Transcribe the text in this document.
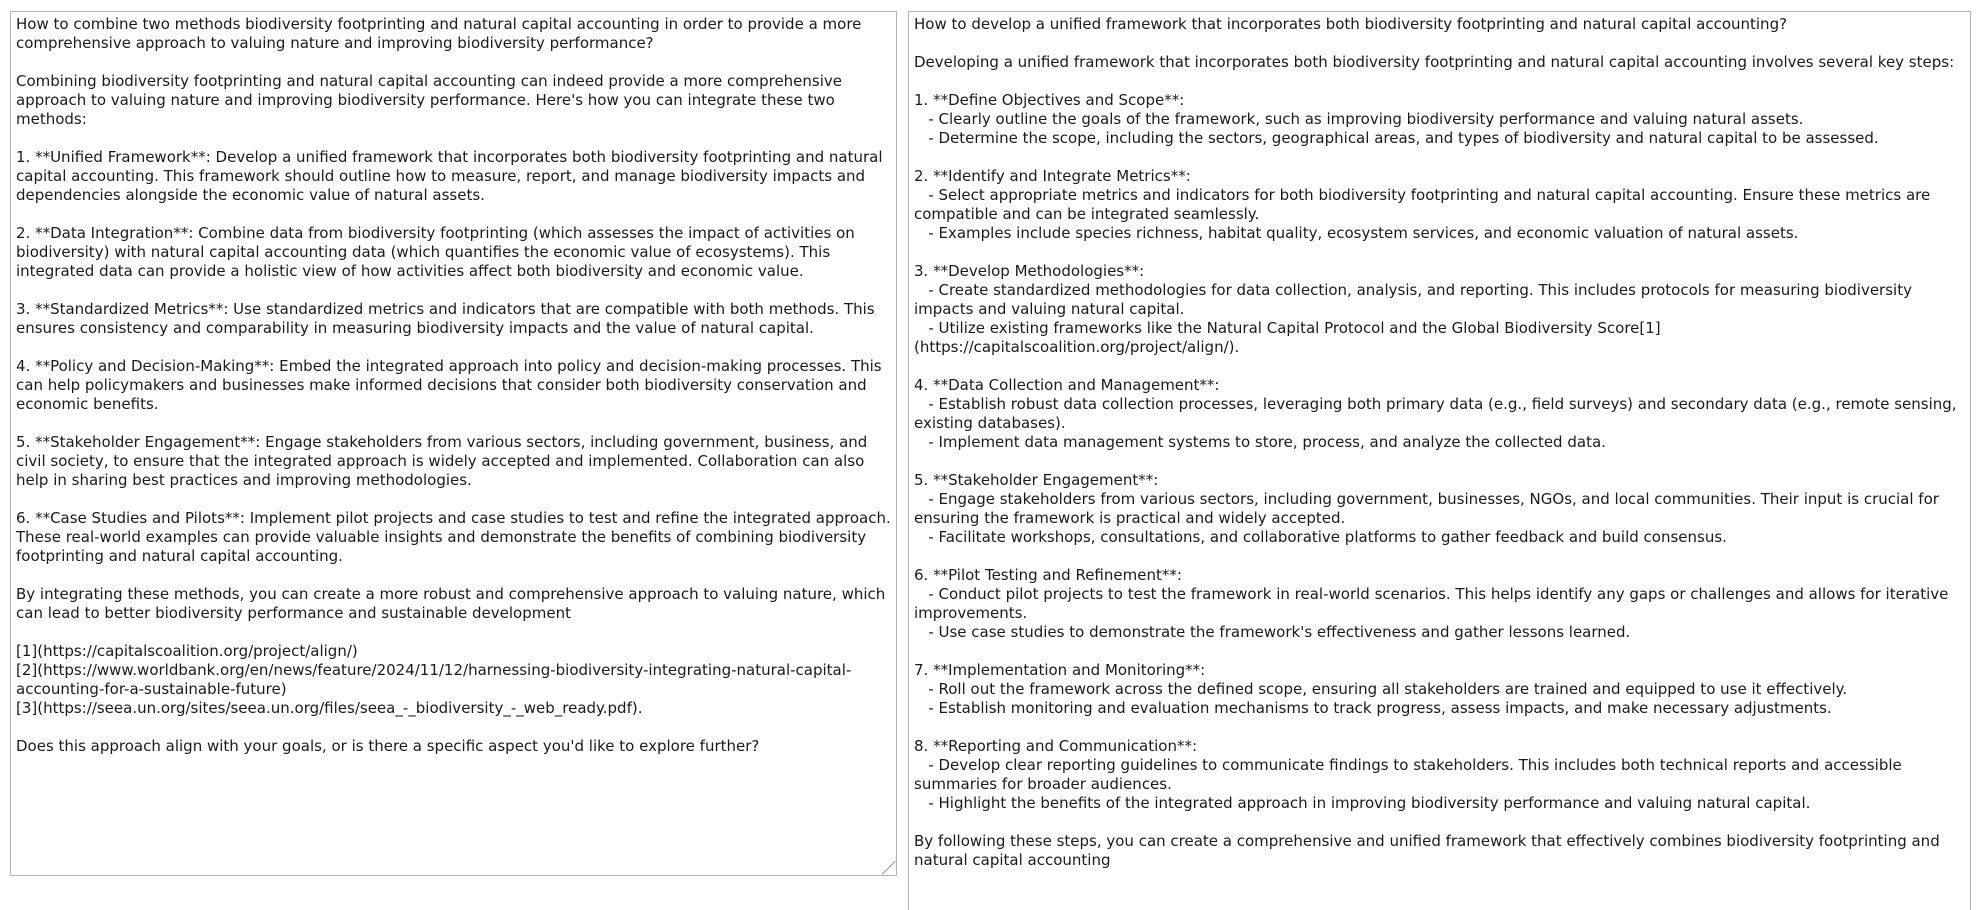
How to combine two methods biodiversity footprinting and natural capital accounting in order to provide a more comprehensive approach to valuing nature and improving biodiversity performance?

Combining biodiversity footprinting and natural capital accounting can indeed provide a more comprehensive approach to valuing nature and improving biodiversity performance. Here's how you can integrate these two methods:

1. **Unified Framework**: Develop a unified framework that incorporates both biodiversity footprinting and natural capital accounting. This framework should outline how to measure, report, and manage biodiversity impacts and dependencies alongside the economic value of natural assets.

2. **Data Integration**: Combine data from biodiversity footprinting (which assesses the impact of activities on biodiversity) with natural capital accounting data (which quantifies the economic value of ecosystems). This integrated data can provide a holistic view of how activities affect both biodiversity and economic value.

3. **Standardized Metrics**: Use standardized metrics and indicators that are compatible with both methods. This ensures consistency and comparability in measuring biodiversity impacts and the value of natural capital.

4. **Policy and Decision-Making**: Embed the integrated approach into policy and decision-making processes. This can help policymakers and businesses make informed decisions that consider both biodiversity conservation and economic benefits.

5. **Stakeholder Engagement**: Engage stakeholders from various sectors, including government, business, and civil society, to ensure that the integrated approach is widely accepted and implemented. Collaboration can also help in sharing best practices and improving methodologies.

6. **Case Studies and Pilots**: Implement pilot projects and case studies to test and refine the integrated approach. These real-world examples can provide valuable insights and demonstrate the benefits of combining biodiversity footprinting and natural capital accounting.

By integrating these methods, you can create a more robust and comprehensive approach to valuing nature, which can lead to better biodiversity performance and sustainable development

[1](https://capitalscoalition.org/project/align/)
[2](https://www.worldbank.org/en/news/feature/2024/11/12/harnessing-biodiversity-integrating-natural-capital-accounting-for-a-sustainable-future)
[3](https://seea.un.org/sites/seea.un.org/files/seea_-_biodiversity_-_web_ready.pdf).

Does this approach align with your goals, or is there a specific aspect you'd like to explore further?
How to develop a unified framework that incorporates both biodiversity footprinting and natural capital accounting?

Developing a unified framework that incorporates both biodiversity footprinting and natural capital accounting involves several key steps:

1. **Define Objectives and Scope**:
- Clearly outline the goals of the framework, such as improving biodiversity performance and valuing natural assets.
- Determine the scope, including the sectors, geographical areas, and types of biodiversity and natural capital to be assessed.

2. **Identify and Integrate Metrics**:
- Select appropriate metrics and indicators for both biodiversity footprinting and natural capital accounting. Ensure these metrics are compatible and can be integrated seamlessly.
- Examples include species richness, habitat quality, ecosystem services, and economic valuation of natural assets.

3. **Develop Methodologies**:
- Create standardized methodologies for data collection, analysis, and reporting. This includes protocols for measuring biodiversity impacts and valuing natural capital.
- Utilize existing frameworks like the Natural Capital Protocol and the Global Biodiversity Score[1](https://capitalscoalition.org/project/align/).

4. **Data Collection and Management**:
- Establish robust data collection processes, leveraging both primary data (e.g., field surveys) and secondary data (e.g., remote sensing, existing databases).
- Implement data management systems to store, process, and analyze the collected data.

5. **Stakeholder Engagement**:
- Engage stakeholders from various sectors, including government, businesses, NGOs, and local communities. Their input is crucial for ensuring the framework is practical and widely accepted.
- Facilitate workshops, consultations, and collaborative platforms to gather feedback and build consensus.

6. **Pilot Testing and Refinement**:
- Conduct pilot projects to test the framework in real-world scenarios. This helps identify any gaps or challenges and allows for iterative improvements.
- Use case studies to demonstrate the framework's effectiveness and gather lessons learned.

7. **Implementation and Monitoring**:
- Roll out the framework across the defined scope, ensuring all stakeholders are trained and equipped to use it effectively.
- Establish monitoring and evaluation mechanisms to track progress, assess impacts, and make necessary adjustments.

8. **Reporting and Communication**:
- Develop clear reporting guidelines to communicate findings to stakeholders. This includes both technical reports and accessible summaries for broader audiences.
- Highlight the benefits of the integrated approach in improving biodiversity performance and valuing natural capital.

By following these steps, you can create a comprehensive and unified framework that effectively combines biodiversity footprinting and natural capital accounting
